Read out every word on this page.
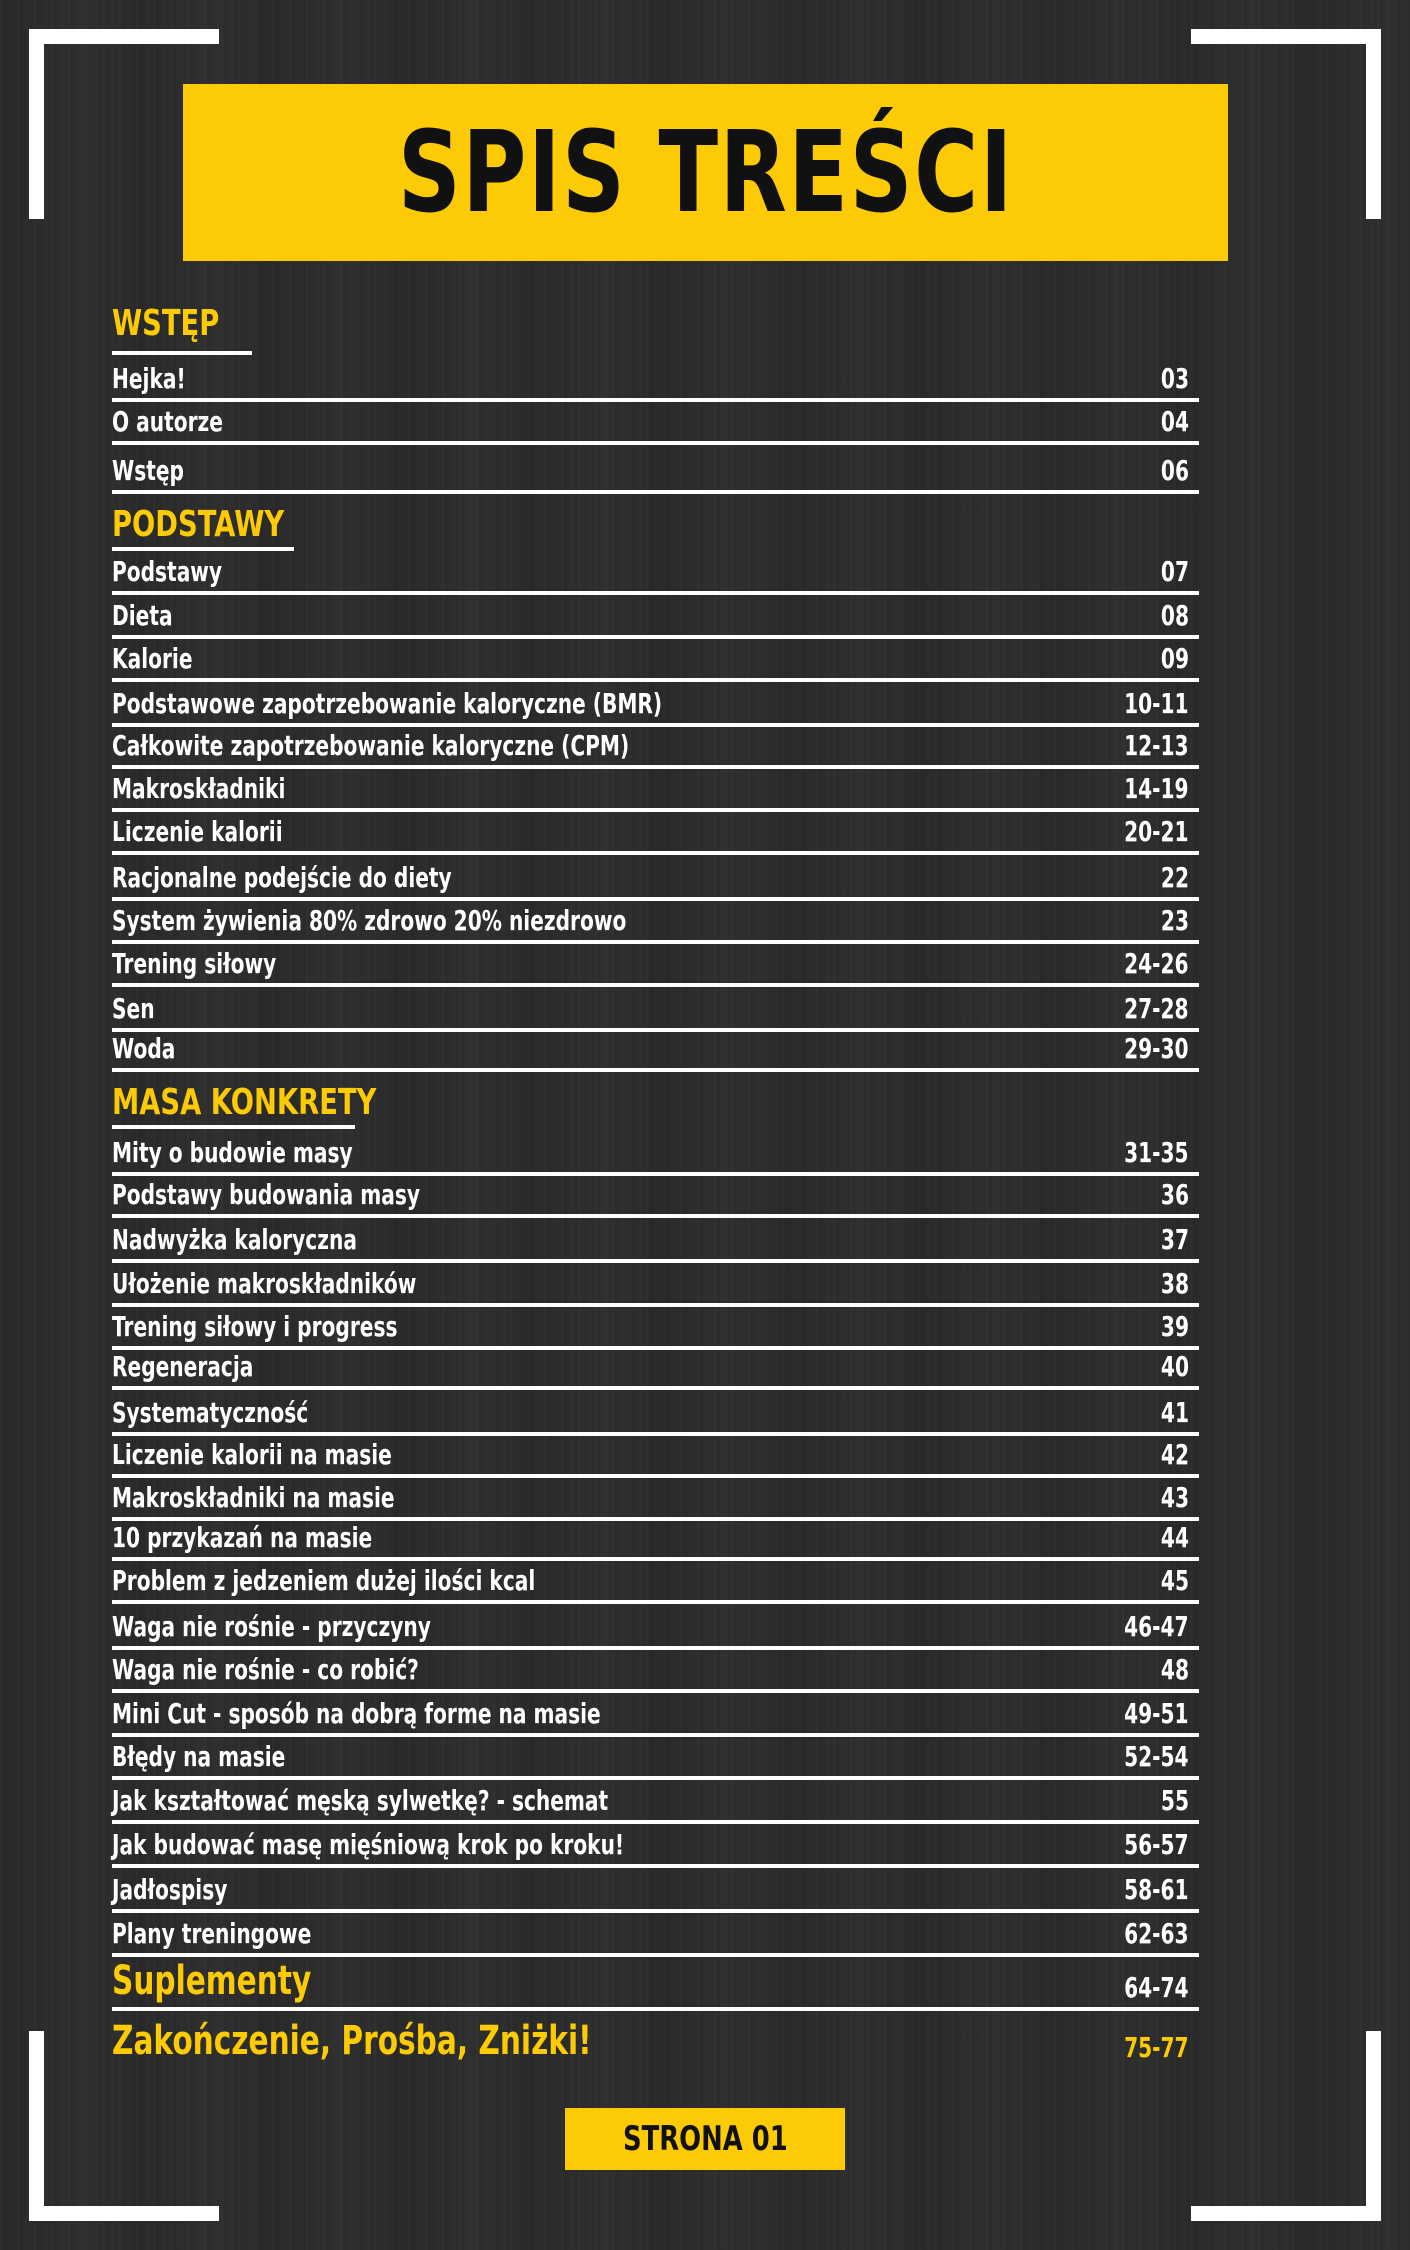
SPIS TREŚCI
WSTĘP
Hejka!	03
O autorze	04
Wstęp	06
PODSTAWY
Podstawy	07
Dieta	08
Kalorie	09
Podstawowe zapotrzebowanie kaloryczne (BMR)	10-11
Całkowite zapotrzebowanie kaloryczne (CPM)	12-13
Makroskładniki	14-19
Liczenie kalorii	20-21
Racjonalne podejście do diety	22
System żywienia 80% zdrowo 20% niezdrowo	23
Trening siłowy	24-26
Sen	27-28
Woda	29-30
MASA KONKRETY
Mity o budowie masy	31-35
Podstawy budowania masy	36
Nadwyżka kaloryczna	37
Ułożenie makroskładników	38
Trening siłowy i progress	39
Regeneracja	40
Systematyczność	41
Liczenie kalorii na masie	42
Makroskładniki na masie	43
10 przykazań na masie	44
Problem z jedzeniem dużej ilości kcal	45
Waga nie rośnie - przyczyny	46-47
Waga nie rośnie - co robić?	48
Mini Cut - sposób na dobrą forme na masie	49-51
Błędy na masie	52-54
Jak kształtować męską sylwetkę? - schemat	55
Jak budować masę mięśniową krok po kroku!	56-57
Jadłospisy	58-61
Plany treningowe	62-63
Suplementy	64-74
Zakończenie, Prośba, Zniżki!	75-77
STRONA 01
